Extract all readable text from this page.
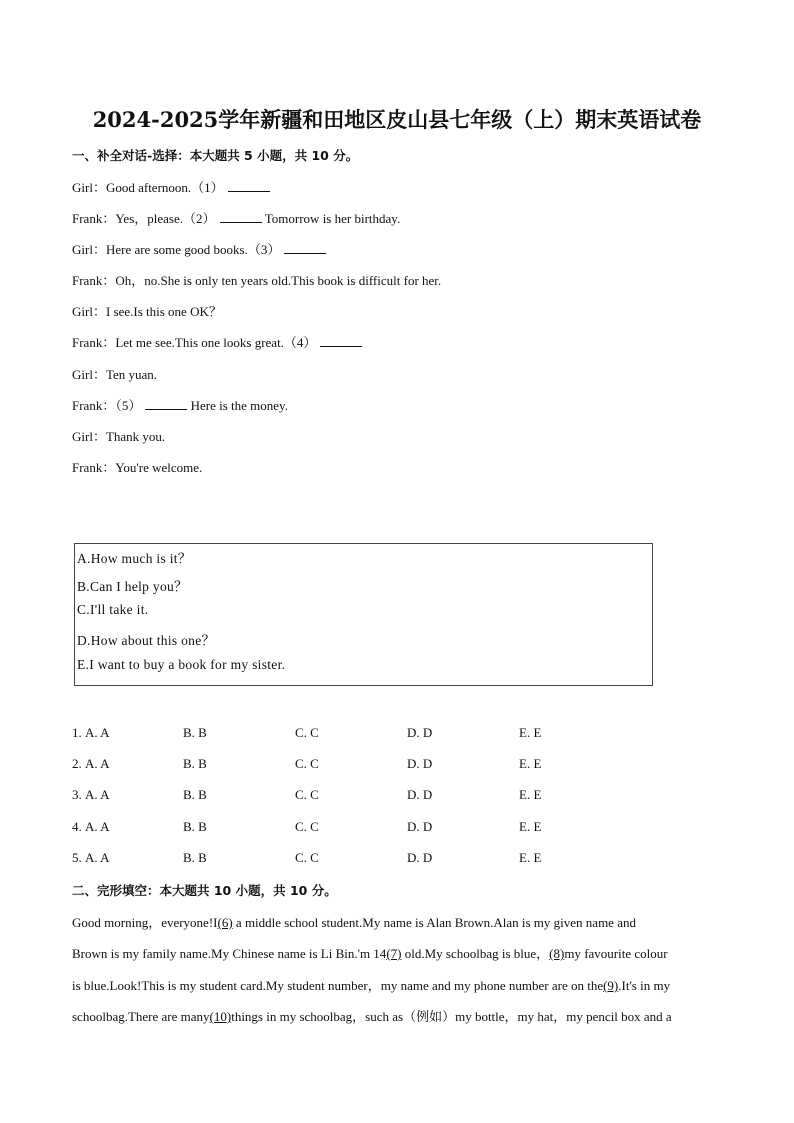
2024-2025学年新疆和田地区皮山县七年级（上）期末英语试卷
一、补全对话-选择：本大题共 5 小题，共 10 分。
Girl：Good afternoon.（1）
Frank：Yes，please.（2）	Tomorrow is her birthday.
Girl：Here are some good books.（3）
Frank：Oh，no.She is only ten years old.This book is difficult for her.
Girl：I see.Is this one OK？
Frank：Let me see.This one looks great.（4）
Girl：Ten yuan.
Frank：（5）	Here is the money.
Girl：Thank you.
Frank：You're welcome.
A.How much is it？
B.Can I help you？
C.I'll take it.
D.How about this one？
E.I want to buy a book for my sister.
1. A. A	B. B	C. C	D. D	E. E
2. A. A	B. B	C. C	D. D	E. E
3. A. A	B. B	C. C	D. D	E. E
4. A. A	B. B	C. C	D. D	E. E
5. A. A	B. B	C. C	D. D	E. E
二、完形填空：本大题共 10 小题，共 10 分。
Good morning，everyone!I(6) a middle school student.My name is Alan Brown.Alan is my given name and
Brown is my family name.My Chinese name is Li Bin.'m 14(7) old.My schoolbag is blue，(8)my favourite colour
is blue.Look!This is my student card.My student number，my name and my phone number are on the(9).It's in my
schoolbag.There are many(10)things in my schoolbag，such as（例如）my bottle，my hat，my pencil box and a
